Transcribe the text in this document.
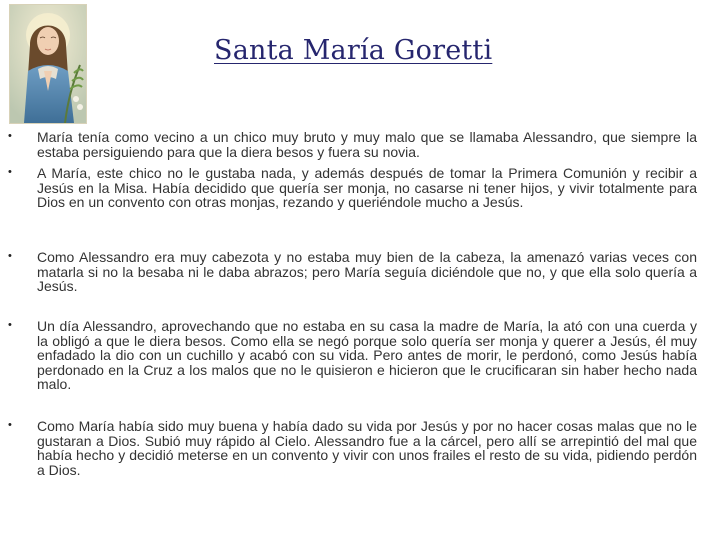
Santa María Goretti
• María tenía como vecino a un chico muy bruto y muy malo que se llamaba Alessandro, que siempre la estaba persiguiendo para que la diera besos y fuera su novia.
• A María, este chico no le gustaba nada, y además después de tomar la Primera Comunión y recibir a Jesús en la Misa. Había decidido que quería ser monja, no casarse ni tener hijos, y vivir totalmente para Dios en un convento con otras monjas, rezando y queriéndole mucho a Jesús.
• Como Alessandro era muy cabezota y no estaba muy bien de la cabeza, la amenazó varias veces con matarla si no la besaba ni le daba abrazos; pero María seguía diciéndole que no, y que ella solo quería a Jesús.
• Un día Alessandro, aprovechando que no estaba en su casa la madre de María, la ató con una cuerda y la obligó a que le diera besos. Como ella se negó porque solo quería ser monja y querer a Jesús, él muy enfadado la dio con un cuchillo y acabó con su vida. Pero antes de morir, le perdonó, como Jesús había perdonado en la Cruz a los malos que no le quisieron e hicieron que le crucificaran sin haber hecho nada malo.
• Como María había sido muy buena y había dado su vida por Jesús y por no hacer cosas malas que no le gustaran a Dios. Subió muy rápido al Cielo. Alessandro fue a la cárcel, pero allí se arrepintió del mal que había hecho y decidió meterse en un convento y vivir con unos frailes el resto de su vida, pidiendo perdón a Dios.
